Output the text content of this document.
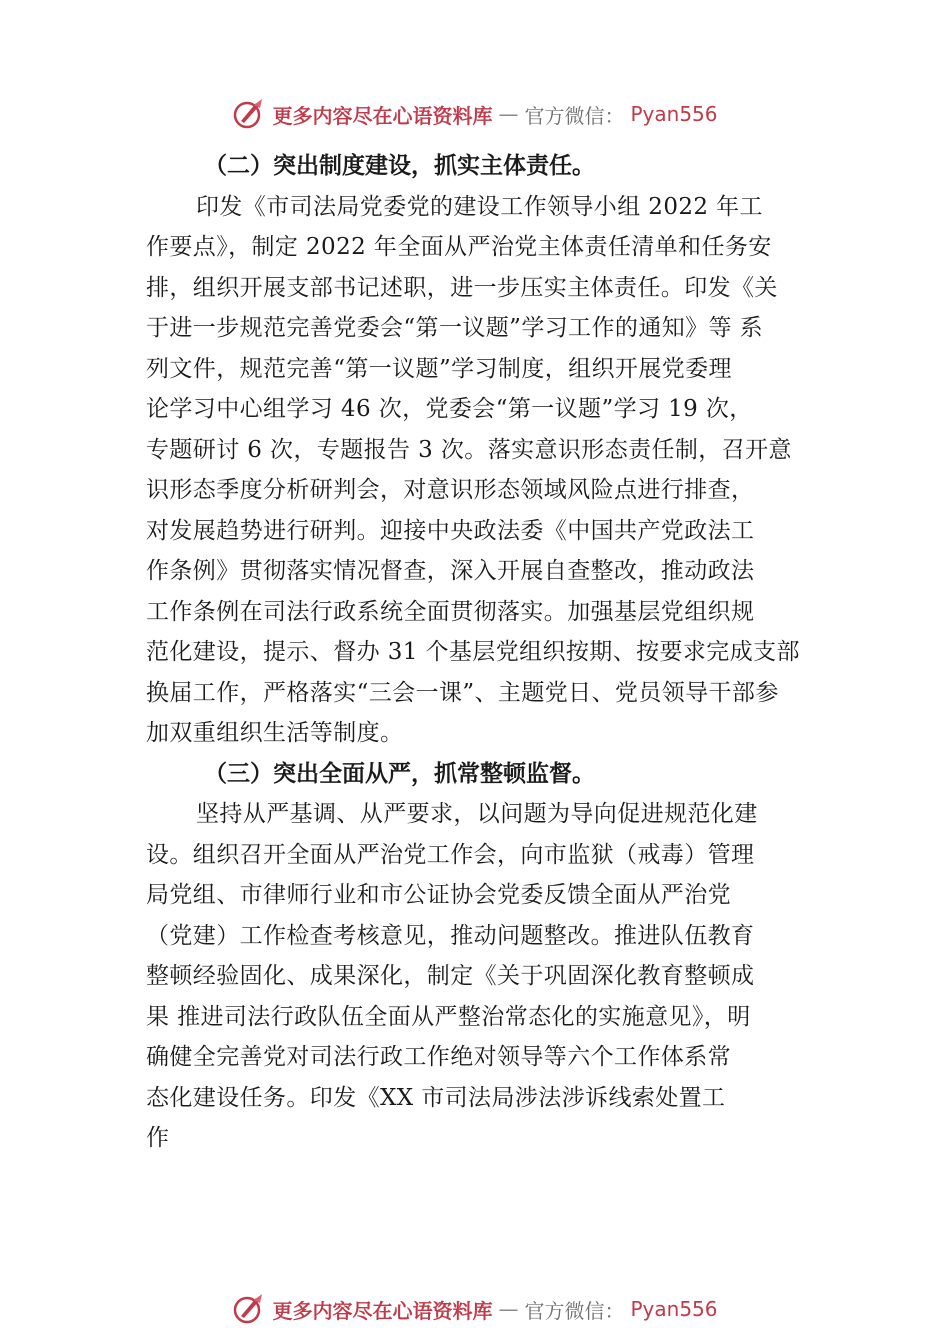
更多内容尽在心语资料库 — 官方微信： Pyan556

（二）突出制度建设，抓实主体责任。

印发《市司法局党委党的建设工作领导小组 2022 年工

作要点》，制定 2022 年全面从严治党主体责任清单和任务安

排，组织开展支部书记述职，进一步压实主体责任。印发《关

于进一步规范完善党委会“第一议题”学习工作的通知》等 系

列文件，规范完善“第一议题”学习制度，组织开展党委理

论学习中心组学习 46 次，党委会“第一议题”学习 19 次，

专题研讨 6 次，专题报告 3 次。落实意识形态责任制，召开意

识形态季度分析研判会，对意识形态领域风险点进行排查，

对发展趋势进行研判。迎接中央政法委《中国共产党政法工

作条例》贯彻落实情况督查，深入开展自查整改，推动政法

工作条例在司法行政系统全面贯彻落实。加强基层党组织规

范化建设，提示、督办 31 个基层党组织按期、按要求完成支部

换届工作，严格落实“三会一课”、主题党日、党员领导干部参

加双重组织生活等制度。

（三）突出全面从严，抓常整顿监督。

坚持从严基调、从严要求，以问题为导向促进规范化建

设。组织召开全面从严治党工作会，向市监狱（戒毒）管理

局党组、市律师行业和市公证协会党委反馈全面从严治党

（党建）工作检查考核意见，推动问题整改。推进队伍教育

整顿经验固化、成果深化，制定《关于巩固深化教育整顿成

果 推进司法行政队伍全面从严整治常态化的实施意见》，明

确健全完善党对司法行政工作绝对领导等六个工作体系常

态化建设任务。印发《XX 市司法局涉法涉诉线索处置工

作

更多内容尽在心语资料库 — 官方微信： Pyan556
